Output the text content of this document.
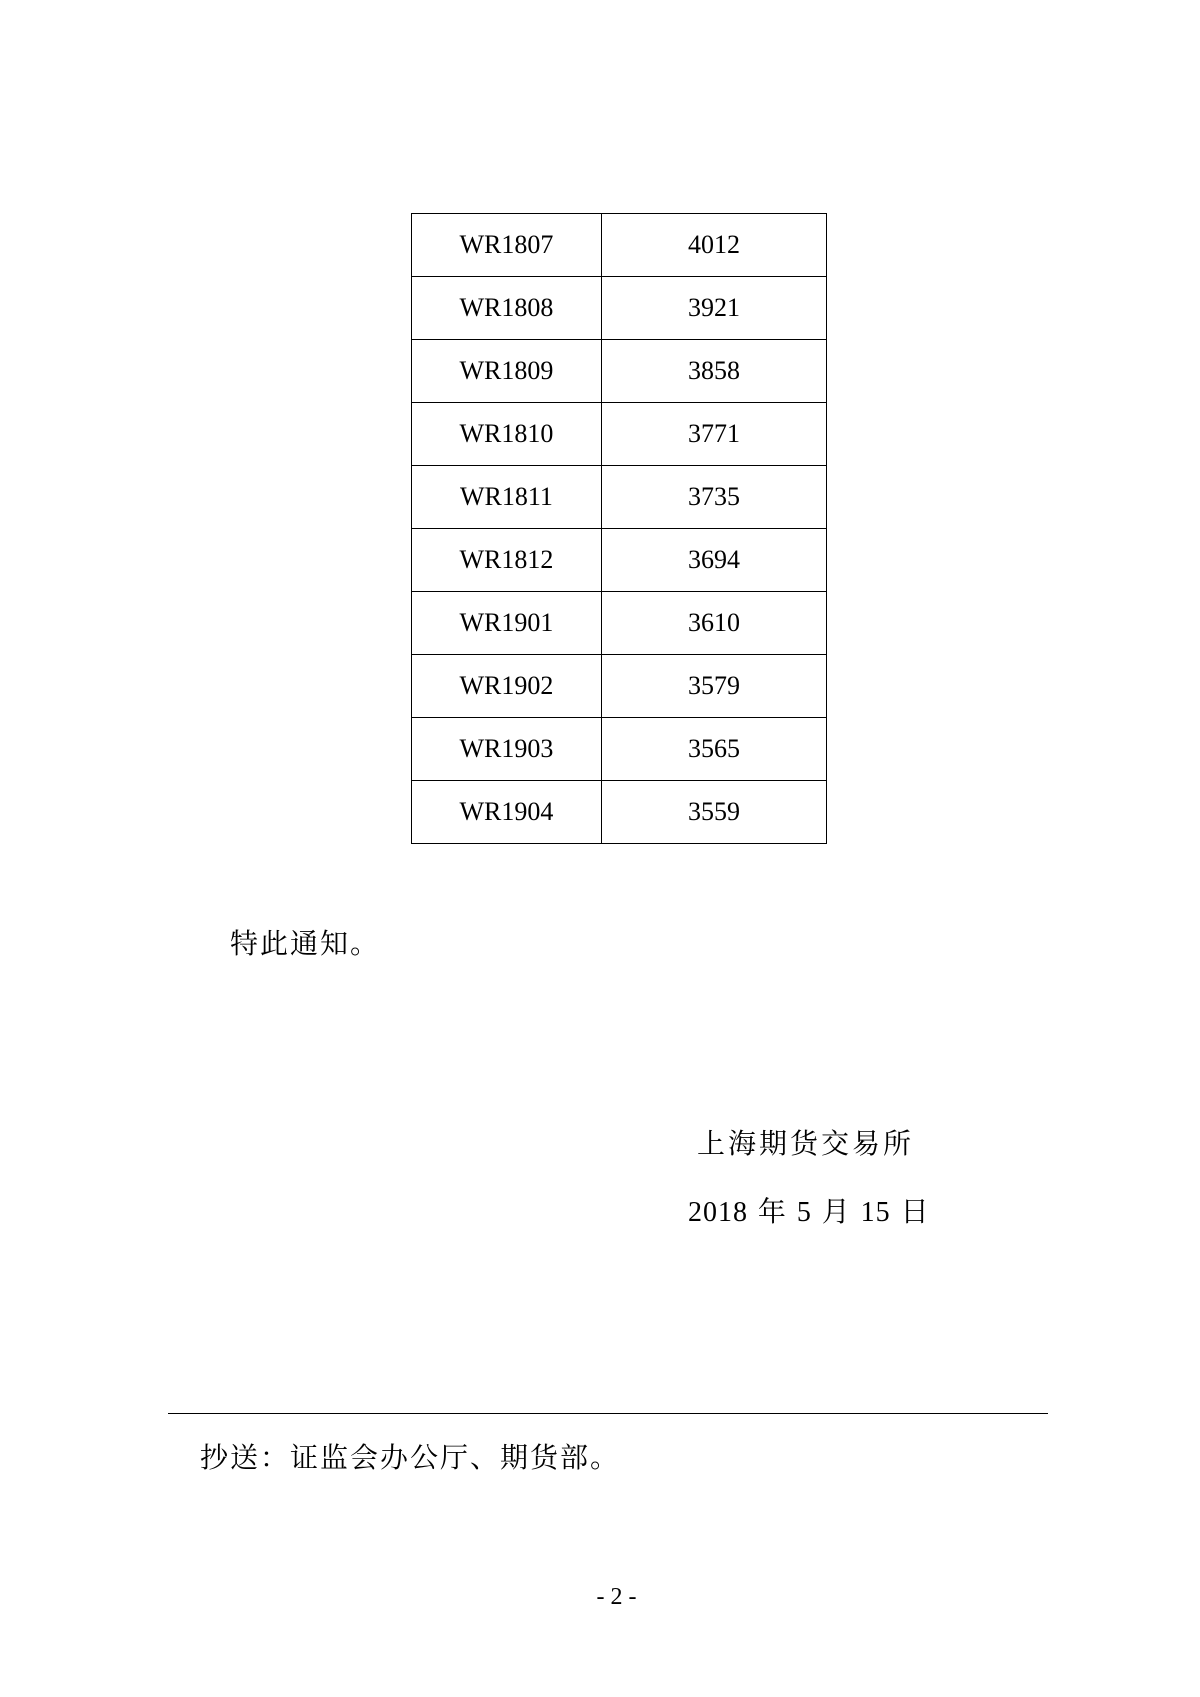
WR1807	4012
WR1808	3921
WR1809	3858
WR1810	3771
WR1811	3735
WR1812	3694
WR1901	3610
WR1902	3579
WR1903	3565
WR1904	3559
特此通知。
上海期货交易所
2018 年 5 月 15 日
抄送：证监会办公厅、期货部。
- 2 -
